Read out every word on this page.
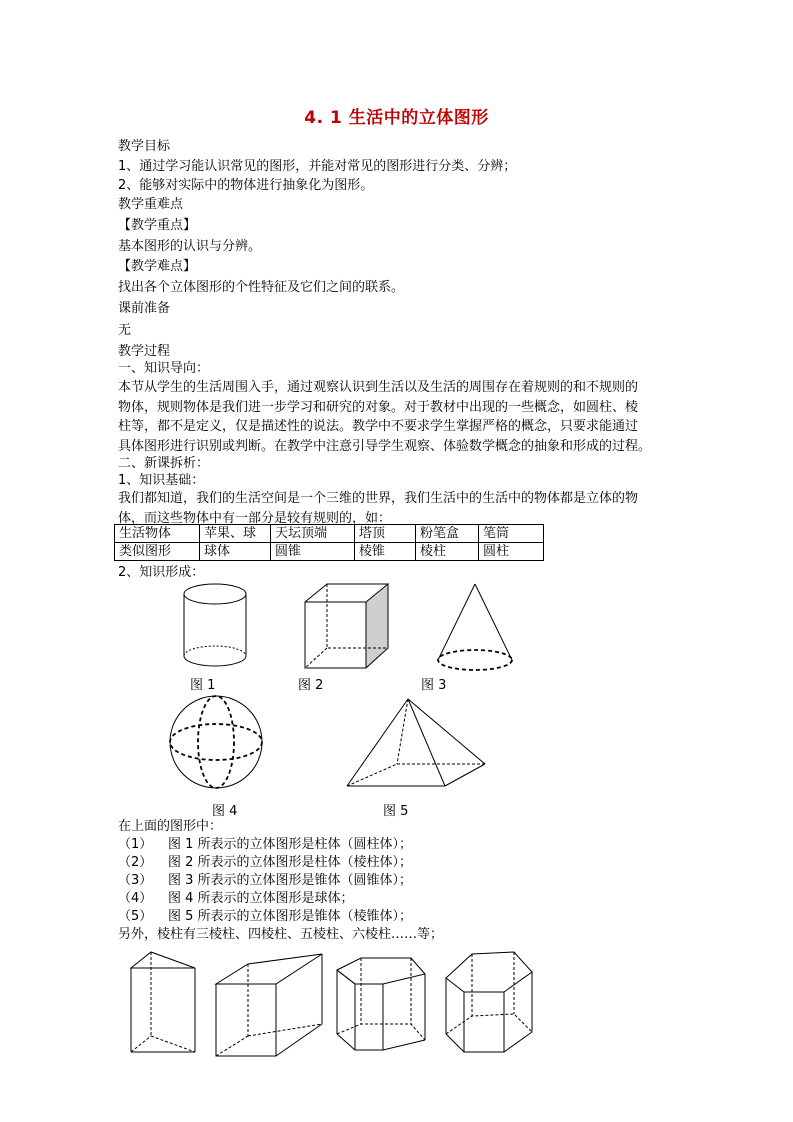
4. 1 生活中的立体图形
教学目标
1、通过学习能认识常见的图形，并能对常见的图形进行分类、分辨；
2、能够对实际中的物体进行抽象化为图形。
教学重难点
【教学重点】
基本图形的认识与分辨。
【教学难点】
找出各个立体图形的个性特征及它们之间的联系。
课前准备
无
教学过程
一、知识导向：
本节从学生的生活周围入手，通过观察认识到生活以及生活的周围存在着规则的和不规则的
物体，规则物体是我们进一步学习和研究的对象。对于教材中出现的一些概念，如圆柱、棱
柱等，都不是定义，仅是描述性的说法。教学中不要求学生掌握严格的概念，只要求能通过
具体图形进行识别或判断。在教学中注意引导学生观察、体验数学概念的抽象和形成的过程。
二、新课拆析：
1、知识基础：
我们都知道，我们的生活空间是一个三维的世界，我们生活中的生活中的物体都是立体的物
体，而这些物体中有一部分是较有规则的，如：
生活物体	苹果、球	天坛顶端	塔顶	粉笔盒	笔筒
类似图形	球体	圆锥	棱锥	棱柱	圆柱
2、知识形成：
图 1	图 2	图 3
图 4	图 5
在上面的图形中：
（1） 图 1 所表示的立体图形是柱体（圆柱体）；
（2） 图 2 所表示的立体图形是柱体（棱柱体）；
（3） 图 3 所表示的立体图形是锥体（圆锥体）；
（4） 图 4 所表示的立体图形是球体；
（5） 图 5 所表示的立体图形是锥体（棱锥体）；
另外，棱柱有三棱柱、四棱柱、五棱柱、六棱柱……等；
